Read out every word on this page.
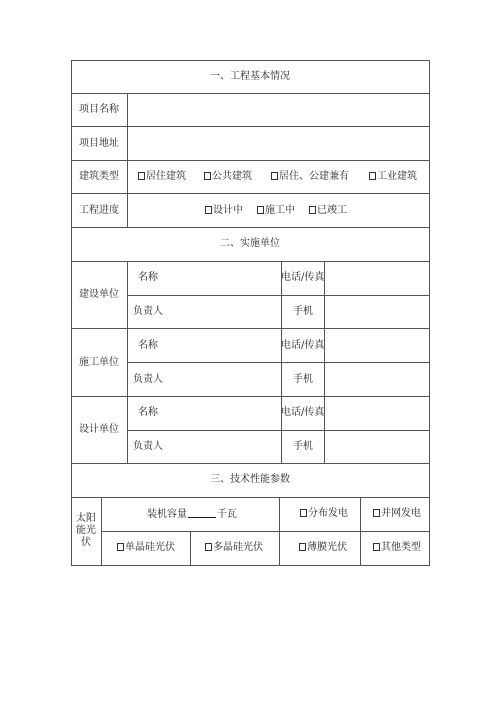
一、工程基本情况
项目名称
项目地址
建筑类型	居住建筑	公共建筑	居住、公建兼有	工业建筑
工程进度	设计中	施工中	已竣工
二、实施单位
建设单位
名称	电话/传真
负责人	手机
施工单位
名称	电话/传真
负责人	手机
设计单位
名称	电话/传真
负责人	手机
三、技术性能参数
太阳能光伏
装机容量	千瓦	分布发电	并网发电
单晶硅光伏	多晶硅光伏	薄膜光伏	其他类型
